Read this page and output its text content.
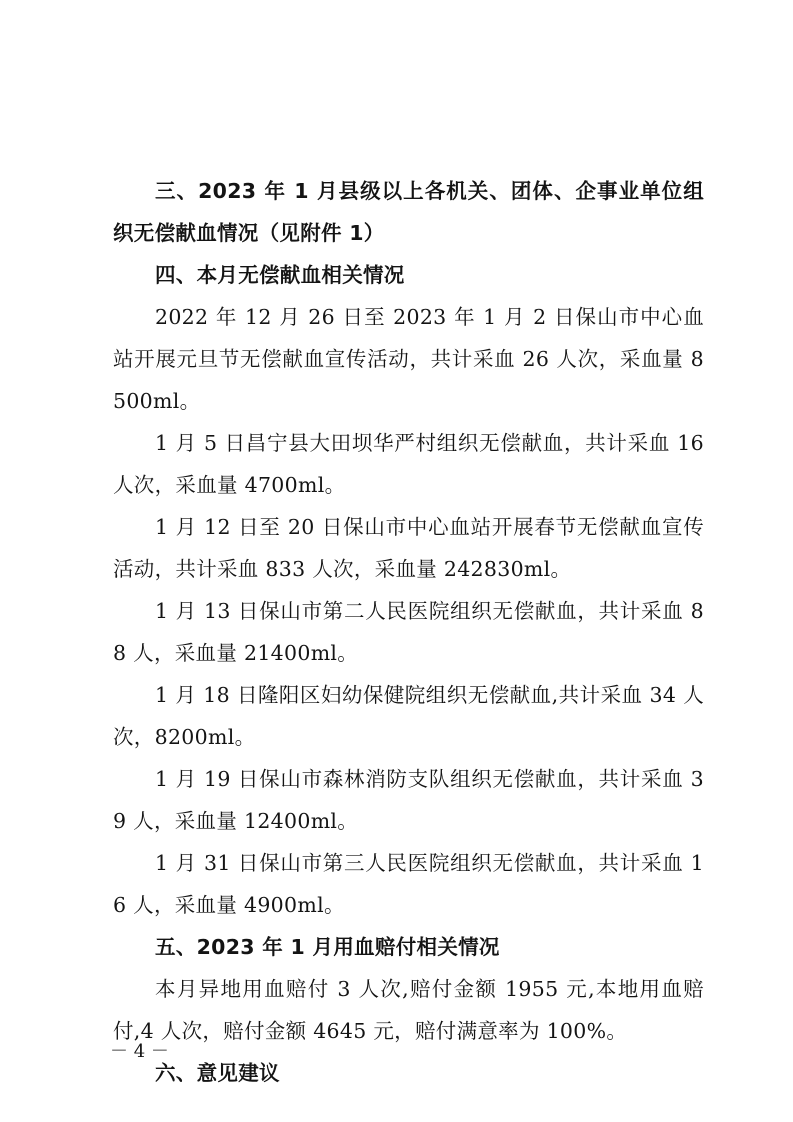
三、2023 年 1 月县级以上各机关、团体、企事业单位组织无偿献血情况（见附件 1）

四、本月无偿献血相关情况

2022 年 12 月 26 日至 2023 年 1 月 2 日保山市中心血站开展元旦节无偿献血宣传活动，共计采血 26 人次，采血量 8500ml。

1 月 5 日昌宁县大田坝华严村组织无偿献血，共计采血 16 人次，采血量 4700ml。

1 月 12 日至 20 日保山市中心血站开展春节无偿献血宣传活动，共计采血 833 人次，采血量 242830ml。

1 月 13 日保山市第二人民医院组织无偿献血，共计采血 88 人，采血量 21400ml。

1 月 18 日隆阳区妇幼保健院组织无偿献血,共计采血 34 人次，8200ml。

1 月 19 日保山市森林消防支队组织无偿献血，共计采血 39 人，采血量 12400ml。

1 月 31 日保山市第三人民医院组织无偿献血，共计采血 16 人，采血量 4900ml。

五、2023 年 1 月用血赔付相关情况

本月异地用血赔付 3 人次,赔付金额 1955 元,本地用血赔付,4 人次，赔付金额 4645 元，赔付满意率为 100%。

六、意见建议

－ 4 －
